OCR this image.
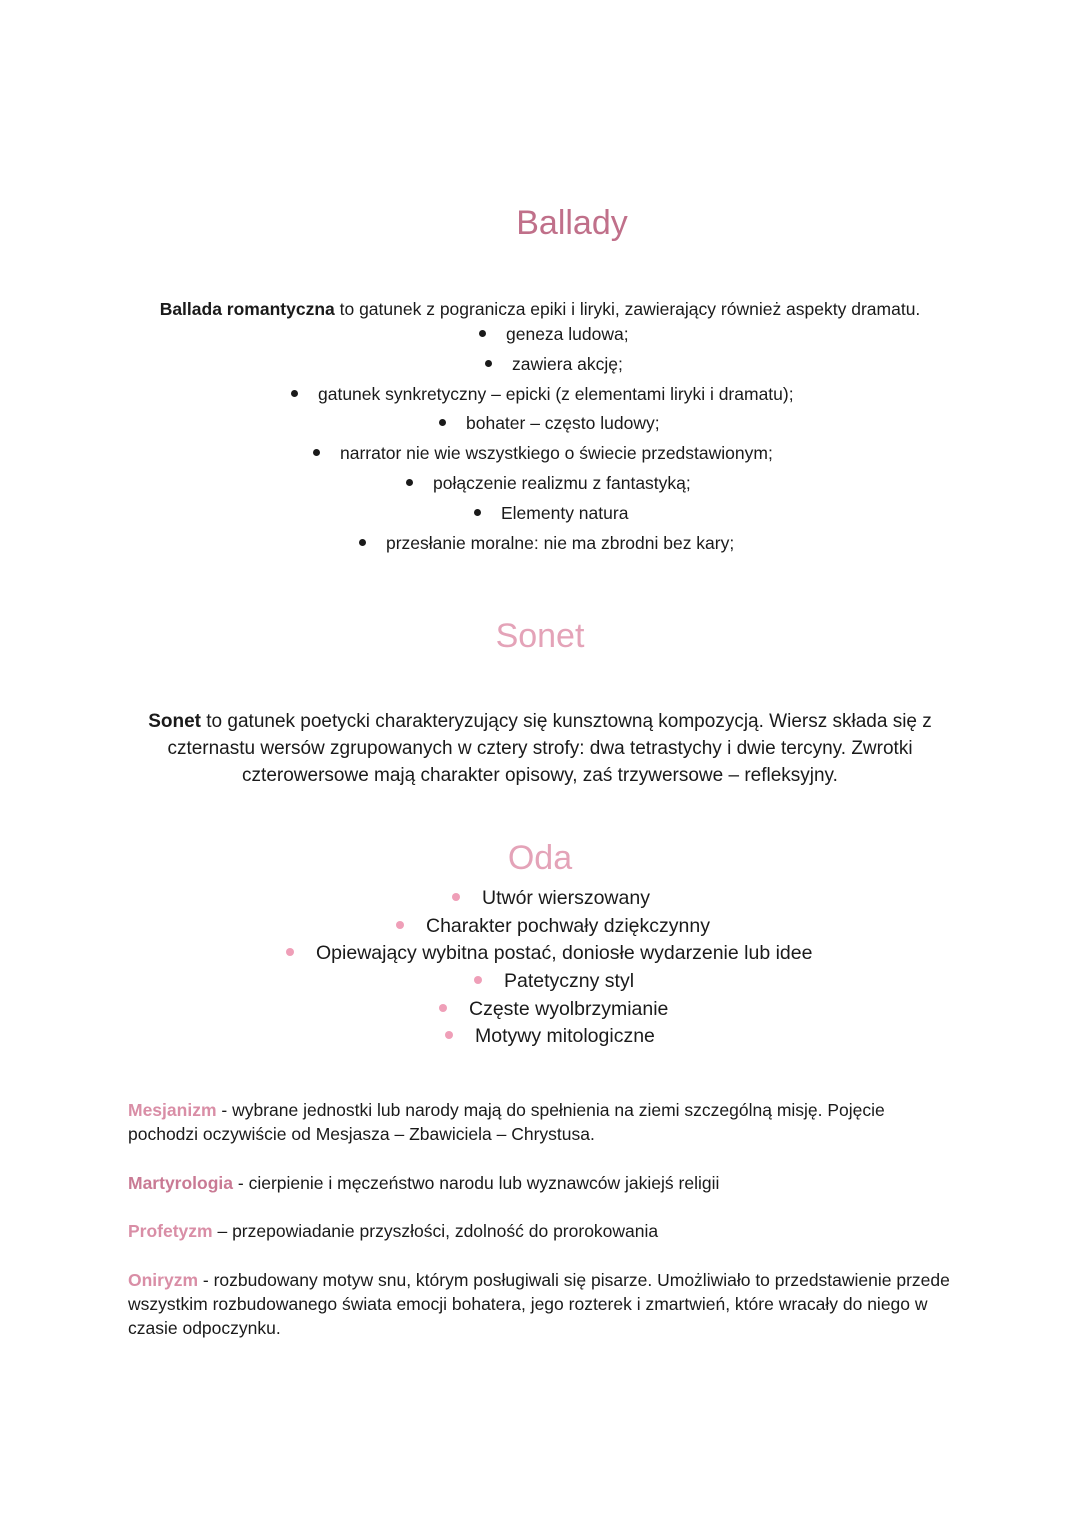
Ballady
Ballada romantyczna to gatunek z pogranicza epiki i liryki, zawierający również aspekty dramatu.
geneza ludowa;
zawiera akcję;
gatunek synkretyczny – epicki (z elementami liryki i dramatu);
bohater – często ludowy;
narrator nie wie wszystkiego o świecie przedstawionym;
połączenie realizmu z fantastyką;
Elementy natura
przesłanie moralne: nie ma zbrodni bez kary;
Sonet
Sonet to gatunek poetycki charakteryzujący się kunsztowną kompozycją. Wiersz składa się z czternastu wersów zgrupowanych w cztery strofy: dwa tetrastychy i dwie tercyny. Zwrotki czterowersowe mają charakter opisowy, zaś trzywersowe – refleksyjny.
Oda
Utwór wierszowany
Charakter pochwały dziękczynny
Opiewający wybitna postać, doniosłe wydarzenie lub idee
Patetyczny styl
Częste wyolbrzymianie
Motywy mitologiczne
Mesjanizm - wybrane jednostki lub narody mają do spełnienia na ziemi szczególną misję. Pojęcie pochodzi oczywiście od Mesjasza – Zbawiciela – Chrystusa.
Martyrologia - cierpienie i męczeństwo narodu lub wyznawców jakiejś religii
Profetyzm – przepowiadanie przyszłości, zdolność do prorokowania
Oniryzm - rozbudowany motyw snu, którym posługiwali się pisarze. Umożliwiało to przedstawienie przede wszystkim rozbudowanego świata emocji bohatera, jego rozterek i zmartwień, które wracały do niego w czasie odpoczynku.
